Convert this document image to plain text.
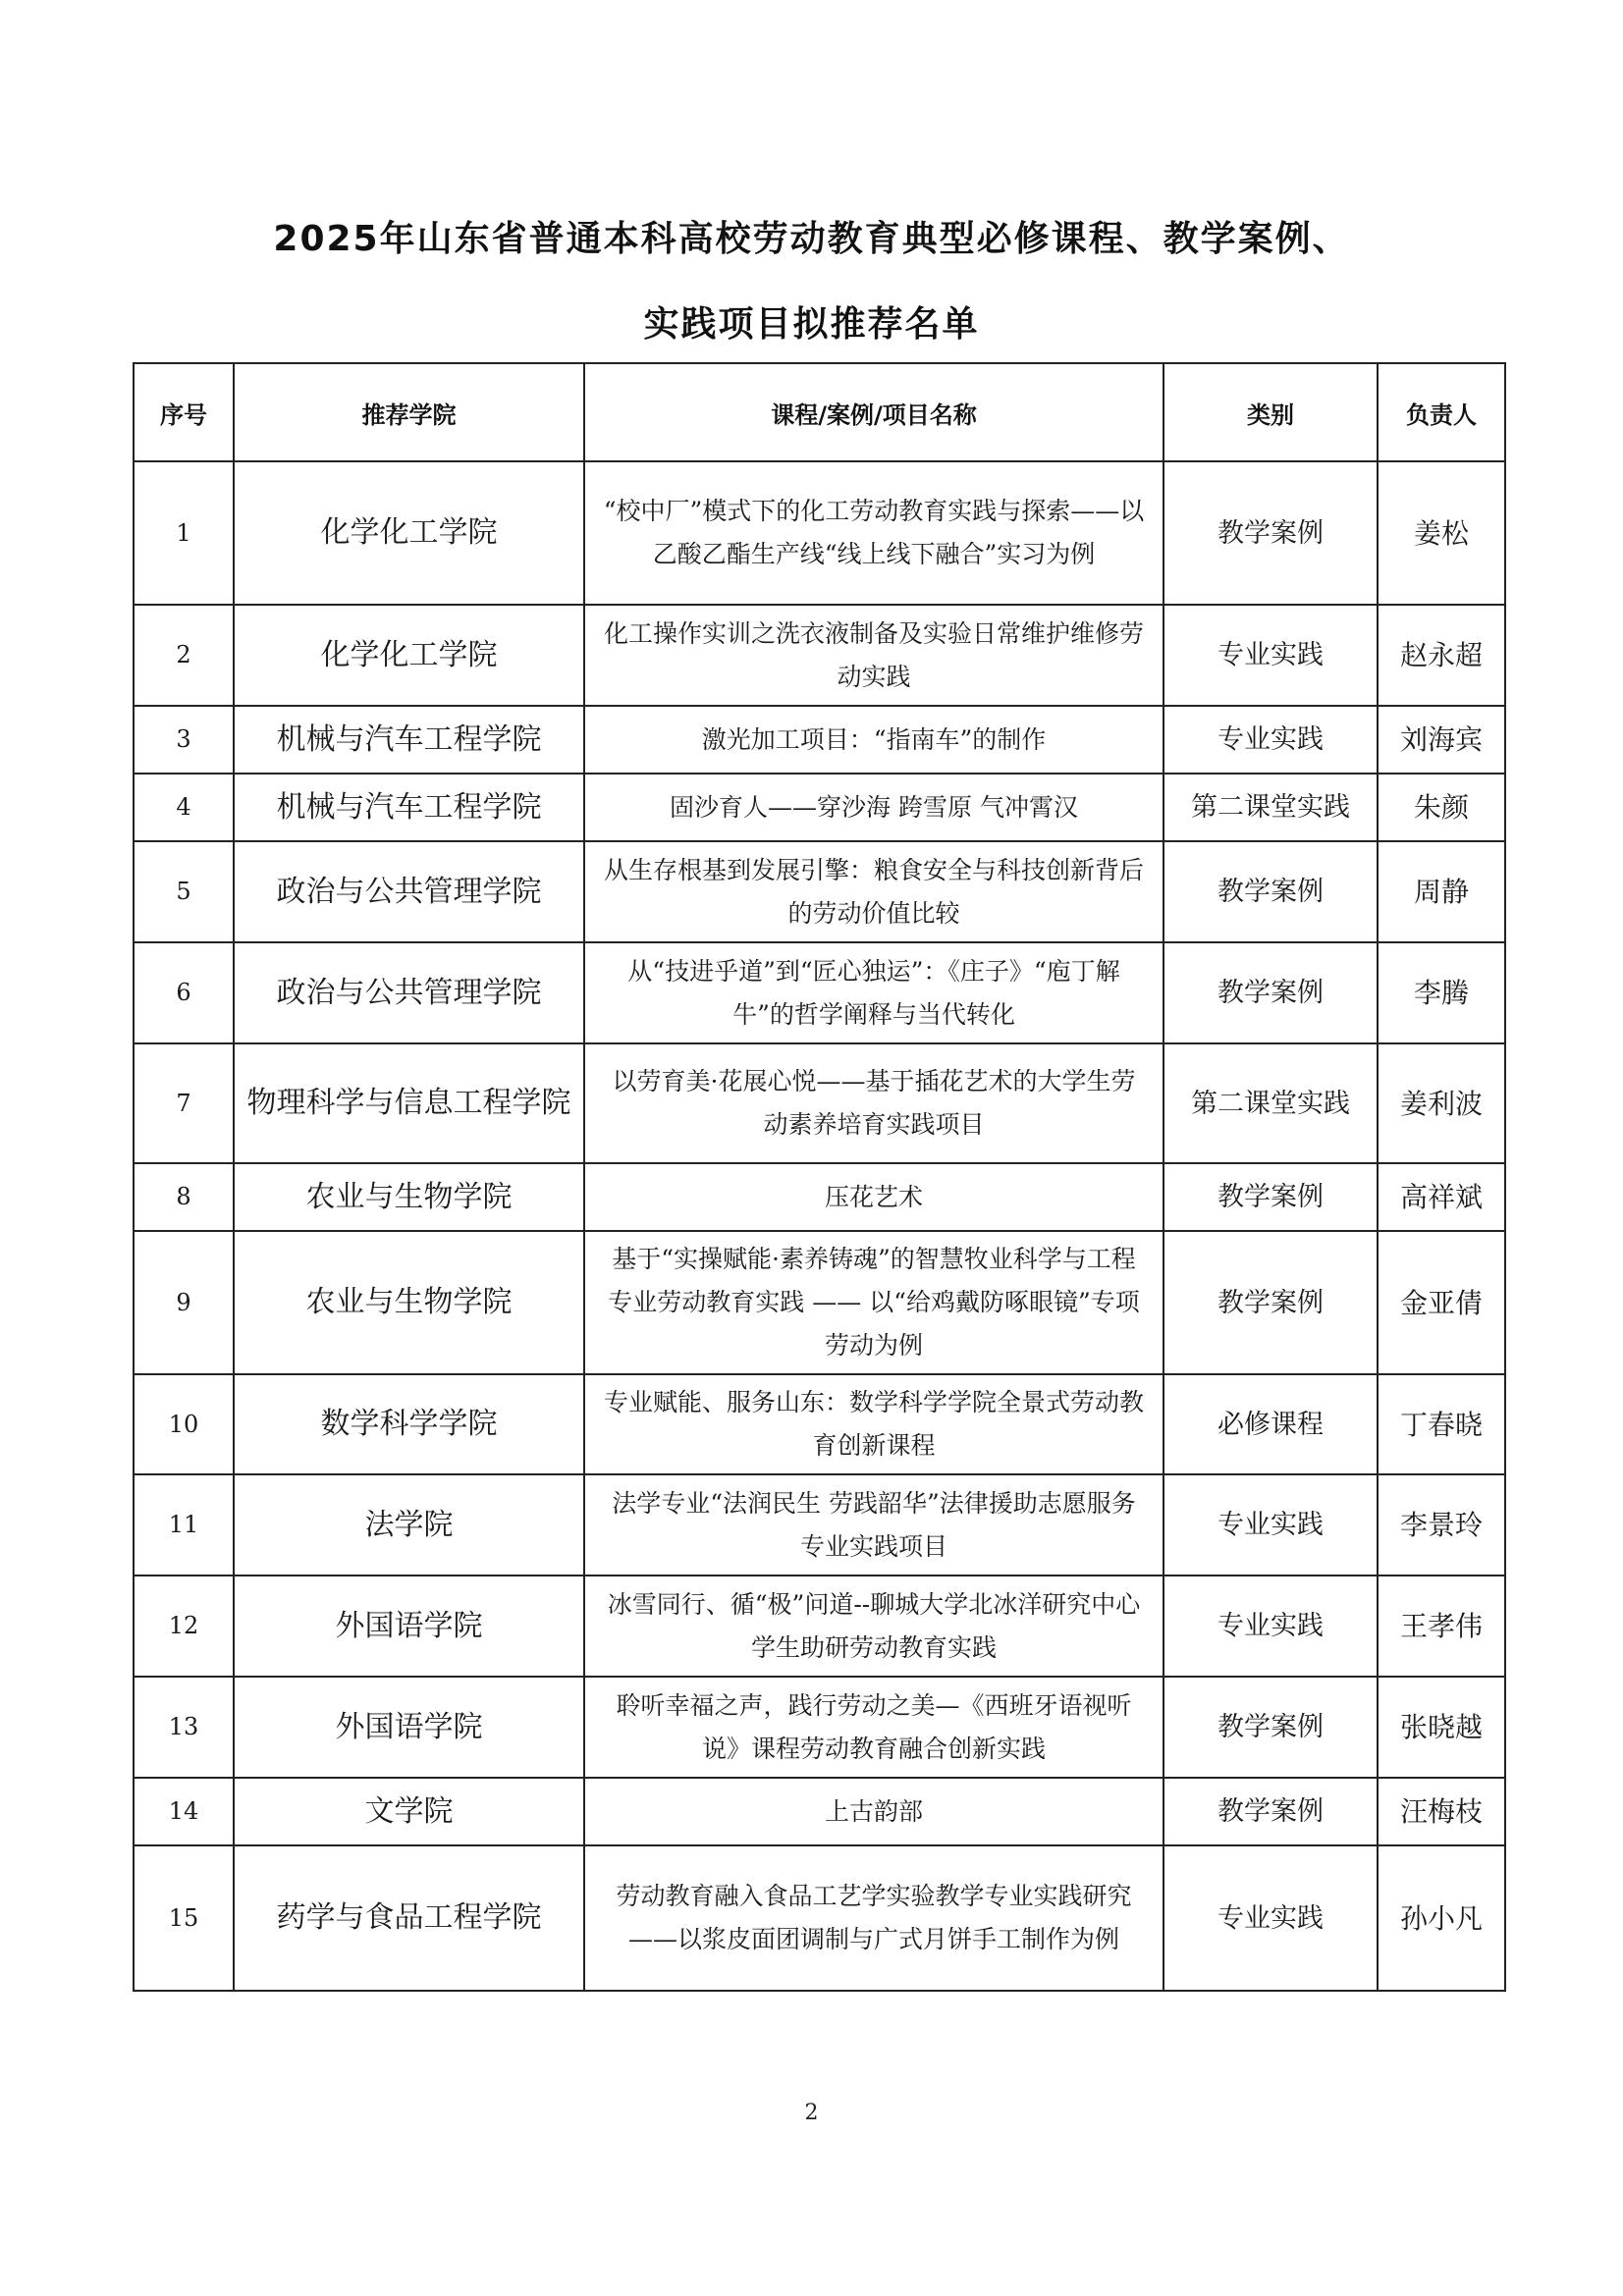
2025年山东省普通本科高校劳动教育典型必修课程、教学案例、
实践项目拟推荐名单
序号	推荐学院	课程/案例/项目名称	类别	负责人
1	化学化工学院	“校中厂”模式下的化工劳动教育实践与探索——以乙酸乙酯生产线“线上线下融合”实习为例	教学案例	姜松
2	化学化工学院	化工操作实训之洗衣液制备及实验日常维护维修劳动实践	专业实践	赵永超
3	机械与汽车工程学院	激光加工项目：“指南车”的制作	专业实践	刘海宾
4	机械与汽车工程学院	固沙育人——穿沙海 跨雪原 气冲霄汉	第二课堂实践	朱颜
5	政治与公共管理学院	从生存根基到发展引擎：粮食安全与科技创新背后的劳动价值比较	教学案例	周静
6	政治与公共管理学院	从“技进乎道”到“匠心独运”：《庄子》“庖丁解牛”的哲学阐释与当代转化	教学案例	李腾
7	物理科学与信息工程学院	以劳育美·花展心悦——基于插花艺术的大学生劳动素养培育实践项目	第二课堂实践	姜利波
8	农业与生物学院	压花艺术	教学案例	高祥斌
9	农业与生物学院	基于“实操赋能·素养铸魂”的智慧牧业科学与工程专业劳动教育实践 —— 以“给鸡戴防啄眼镜”专项劳动为例	教学案例	金亚倩
10	数学科学学院	专业赋能、服务山东：数学科学学院全景式劳动教育创新课程	必修课程	丁春晓
11	法学院	法学专业“法润民生 劳践韶华”法律援助志愿服务专业实践项目	专业实践	李景玲
12	外国语学院	冰雪同行、循“极”问道--聊城大学北冰洋研究中心学生助研劳动教育实践	专业实践	王孝伟
13	外国语学院	聆听幸福之声，践行劳动之美—《西班牙语视听说》课程劳动教育融合创新实践	教学案例	张晓越
14	文学院	上古韵部	教学案例	汪梅枝
15	药学与食品工程学院	劳动教育融入食品工艺学实验教学专业实践研究——以浆皮面团调制与广式月饼手工制作为例	专业实践	孙小凡
2
